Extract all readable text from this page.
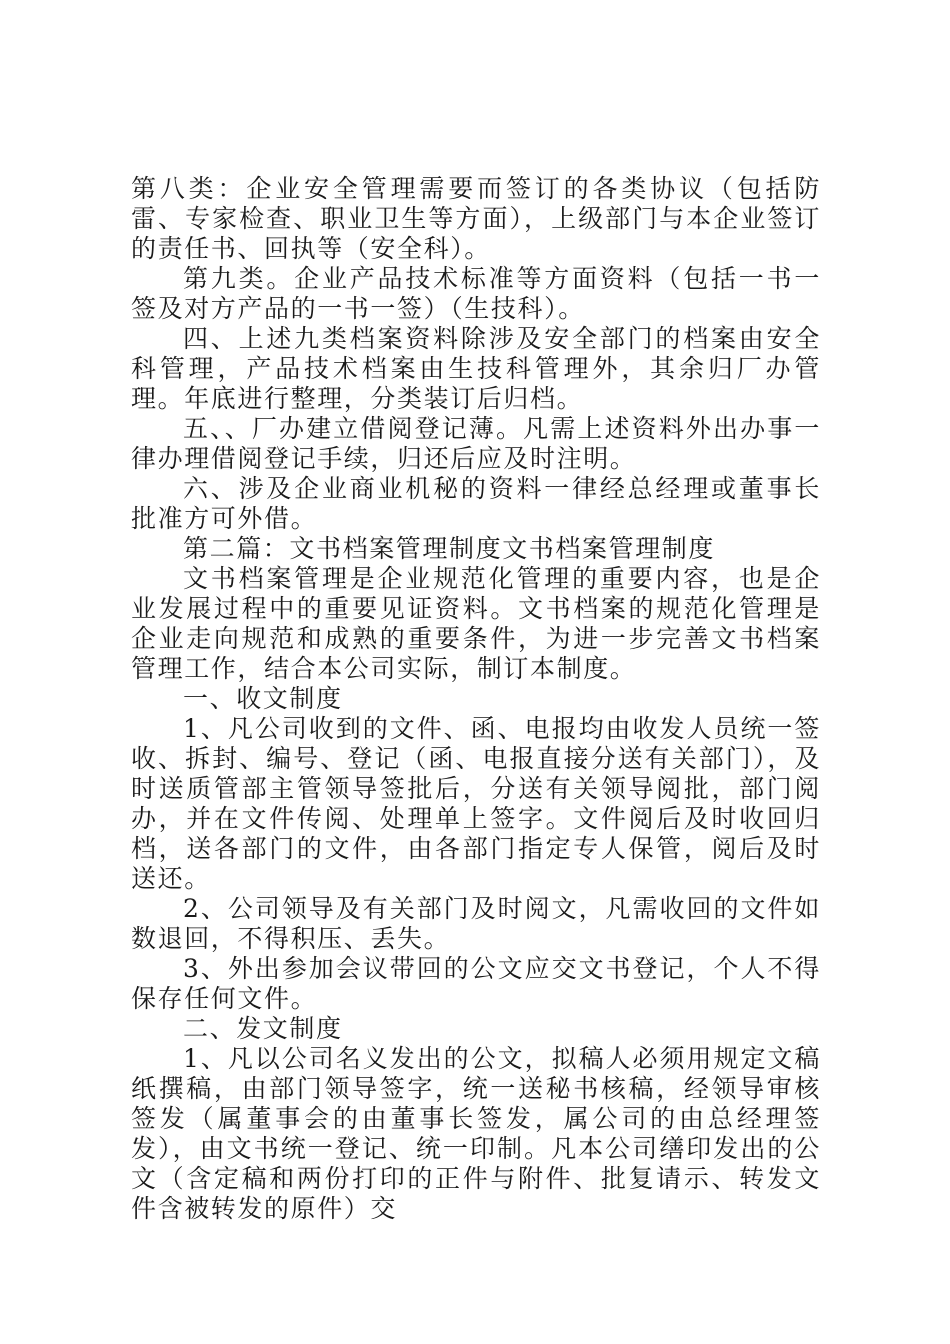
第八类：企业安全管理需要而签订的各类协议（包括防雷、专家检查、职业卫生等方面），上级部门与本企业签订的责任书、回执等（安全科）。

第九类。企业产品技术标准等方面资料（包括一书一签及对方产品的一书一签）（生技科）。

四、上述九类档案资料除涉及安全部门的档案由安全科管理，产品技术档案由生技科管理外，其余归厂办管理。年底进行整理，分类装订后归档。

五、、厂办建立借阅登记薄。凡需上述资料外出办事一律办理借阅登记手续，归还后应及时注明。

六、涉及企业商业机秘的资料一律经总经理或董事长批准方可外借。

第二篇：文书档案管理制度文书档案管理制度

文书档案管理是企业规范化管理的重要内容，也是企业发展过程中的重要见证资料。文书档案的规范化管理是企业走向规范和成熟的重要条件，为进一步完善文书档案管理工作，结合本公司实际，制订本制度。

一、收文制度

1、凡公司收到的文件、函、电报均由收发人员统一签收、拆封、编号、登记（函、电报直接分送有关部门），及时送质管部主管领导签批后，分送有关领导阅批，部门阅办，并在文件传阅、处理单上签字。文件阅后及时收回归档，送各部门的文件，由各部门指定专人保管，阅后及时送还。

2、公司领导及有关部门及时阅文，凡需收回的文件如数退回，不得积压、丢失。

3、外出参加会议带回的公文应交文书登记，个人不得保存任何文件。

二、发文制度

1、凡以公司名义发出的公文，拟稿人必须用规定文稿纸撰稿，由部门领导签字，统一送秘书核稿，经领导审核签发（属董事会的由董事长签发，属公司的由总经理签发），由文书统一登记、统一印制。凡本公司缮印发出的公文（含定稿和两份打印的正件与附件、批复请示、转发文件含被转发的原件）交
